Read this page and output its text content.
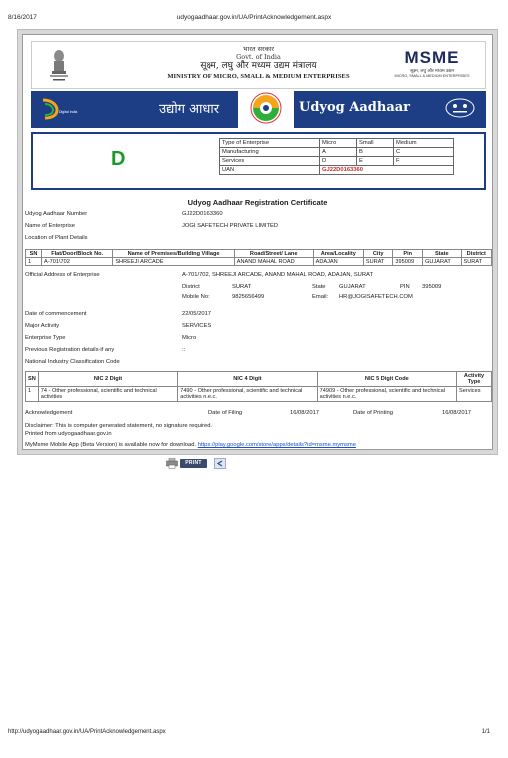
8/16/2017	udyogaadhaar.gov.in/UA/PrintAcknowledgement.aspx
भारत सरकार
Govt. of India
सूक्ष्म, लघु और मध्यम उद्यम मंत्रालय
MINISTRY OF MICRO, SMALL & MEDIUM ENTERPRISES
MSME
सूक्ष्म, लघु और मध्यम उद्यम
MICRO, SMALL & MEDIUM ENTERPRISES
Digital India	उद्योग आधार	Udyog Aadhaar
D
Type of Enterprise	Micro	Small	Medium
Manufacturing	A	B	C
Services	D	E	F
UAN	GJ22D0163360		
Udyog Aadhaar Registration Certificate
Udyog Aadhaar Number	GJ22D0163360
Name of Enterprise	JOGI SAFETECH PRIVATE LIMITED
Location of Plant Details
SN	Flat/Door/Block No.	Name of Premises/Building Village	Road/Street/ Lane	Area/Locality	City	Pin	State	District
1	A-701\702	SHREEJI ARCADE	ANAND MAHAL ROAD	ADAJAN	SURAT	395009	GUJARAT	SURAT
Official Address of Enterprise	A-701/702, SHREEJI ARCADE, ANAND MAHAL ROAD, ADAJAN, SURAT
District	SURAT	State GUJARAT	PIN 395009
Mobile No:	9825656499	Email: HR@JOGISAFETECH.COM
Date of commencement	22/05/2017
Major Activity	SERVICES
Enterprise Type	Micro
Previous Registration details-if any	::
National Industry Classification Code
SN	NIC 2 Digit	NIC 4 Digit	NIC 5 Digit Code	Activity Type
1	74 - Other professional, scientific and technical activities	7490 - Other professional, scientific and technical activities n.e.c.	74909 - Other professional, scientific and technical activities n.e.c.	Services
Acknowledgement	Date of Filing	16/08/2017	Date of Printing	16/08/2017
Disclaimer: This is computer generated statement, no signature required.
Printed from udyogaadhaar.gov.in
MyMsme Mobile App (Beta Version) is available now for download. https://play.google.com/store/apps/details?id=msme.mymsme
PRINT
http://udyogaadhaar.gov.in/UA/PrintAcknowledgement.aspx	1/1
